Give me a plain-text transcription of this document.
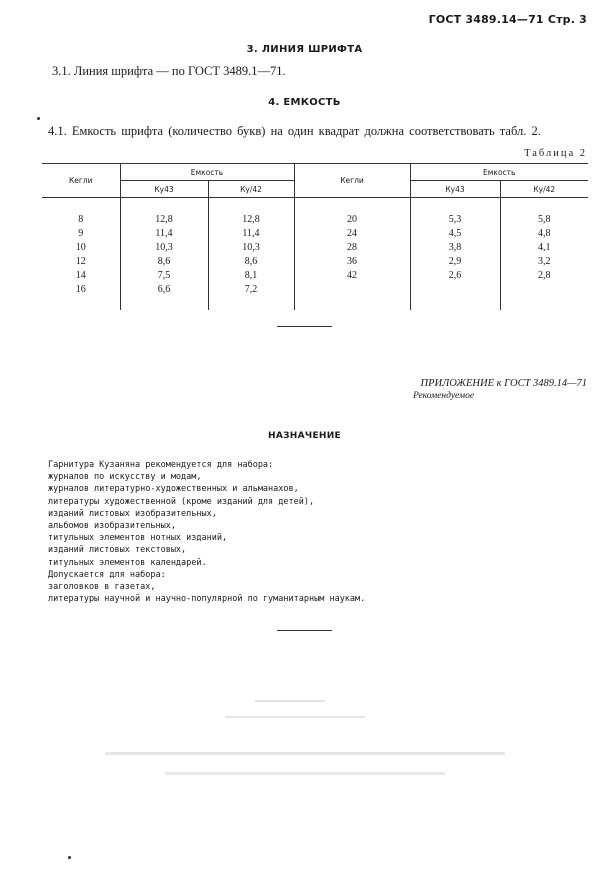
ГОСТ 3489.14—71 Стр. 3
3. ЛИНИЯ ШРИФТА
3.1. Линия шрифта — по ГОСТ 3489.1—71.
4. ЕМКОСТЬ
4.1. Емкость шрифта (количество букв) на один квадрат должна соответствовать табл. 2.
Таблица 2
Кегли	Емкость		Кегли	Емкость	
	Ку43	Ку/42		Ку43	Ку/42

8	12,8	12,8	20	5,3	5,8
9	11,4	11,4	24	4,5	4,8
10	10,3	10,3	28	3,8	4,1
12	8,6	8,6	36	2,9	3,2
14	7,5	8,1	42	2,6	2,8
16	6,6	7,2			

ПРИЛОЖЕНИЕ к ГОСТ 3489.14—71
Рекомендуемое
НАЗНАЧЕНИЕ
Гарнитура Кузаняна рекомендуется для набора:
журналов по искусству и модам,
журналов литературно-художественных и альманахов,
литературы художественной (кроме изданий для детей),
изданий листовых изобразительных,
альбомов изобразительных,
титульных элементов нотных изданий,
изданий листовых текстовых,
титульных элементов календарей.
Допускается для набора:
заголовков в газетах,
литературы научной и научно-популярной по гуманитарным наукам.
